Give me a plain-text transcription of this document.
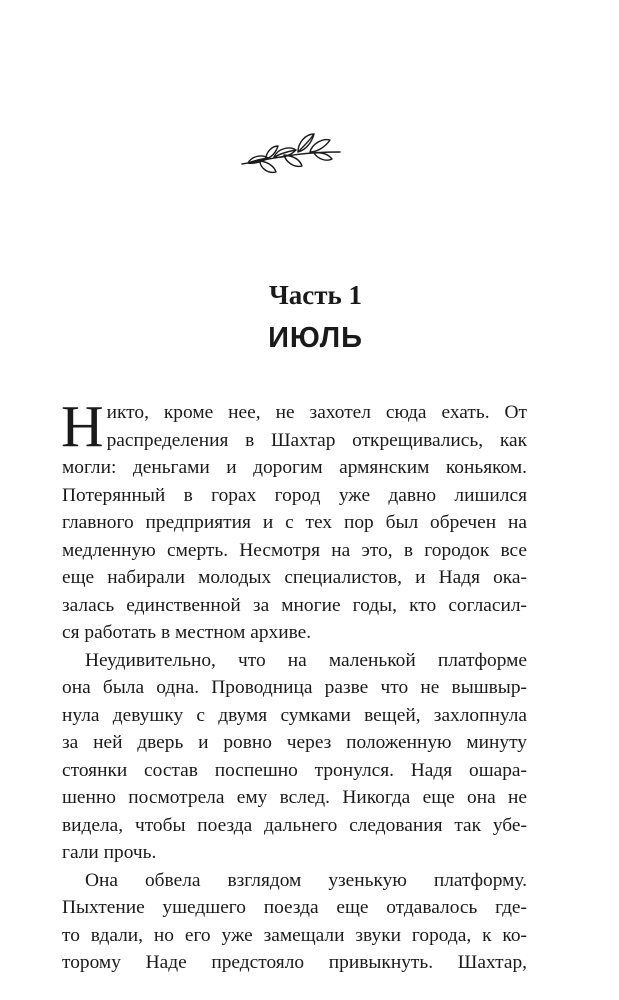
Часть 1
ИЮЛЬ
Н икто, кроме нее, не захотел сюда ехать. От
распределения в Шахтар открещивались, как
могли: деньгами и дорогим армянским коньяком.
Потерянный в горах город уже давно лишился
главного предприятия и с тех пор был обречен на
медленную смерть. Несмотря на это, в городок все
еще набирали молодых специалистов, и Надя ока-
залась единственной за многие годы, кто согласил-
ся работать в местном архиве.
Неудивительно, что на маленькой платформе
она была одна. Проводница разве что не вышвыр-
нула девушку с двумя сумками вещей, захлопнула
за ней дверь и ровно через положенную минуту
стоянки состав поспешно тронулся. Надя ошара-
шенно посмотрела ему вслед. Никогда еще она не
видела, чтобы поезда дальнего следования так убе-
гали прочь.
Она обвела взглядом узенькую платформу.
Пыхтение ушедшего поезда еще отдавалось где-
то вдали, но его уже замещали звуки города, к ко-
торому Наде предстояло привыкнуть. Шахтар,
